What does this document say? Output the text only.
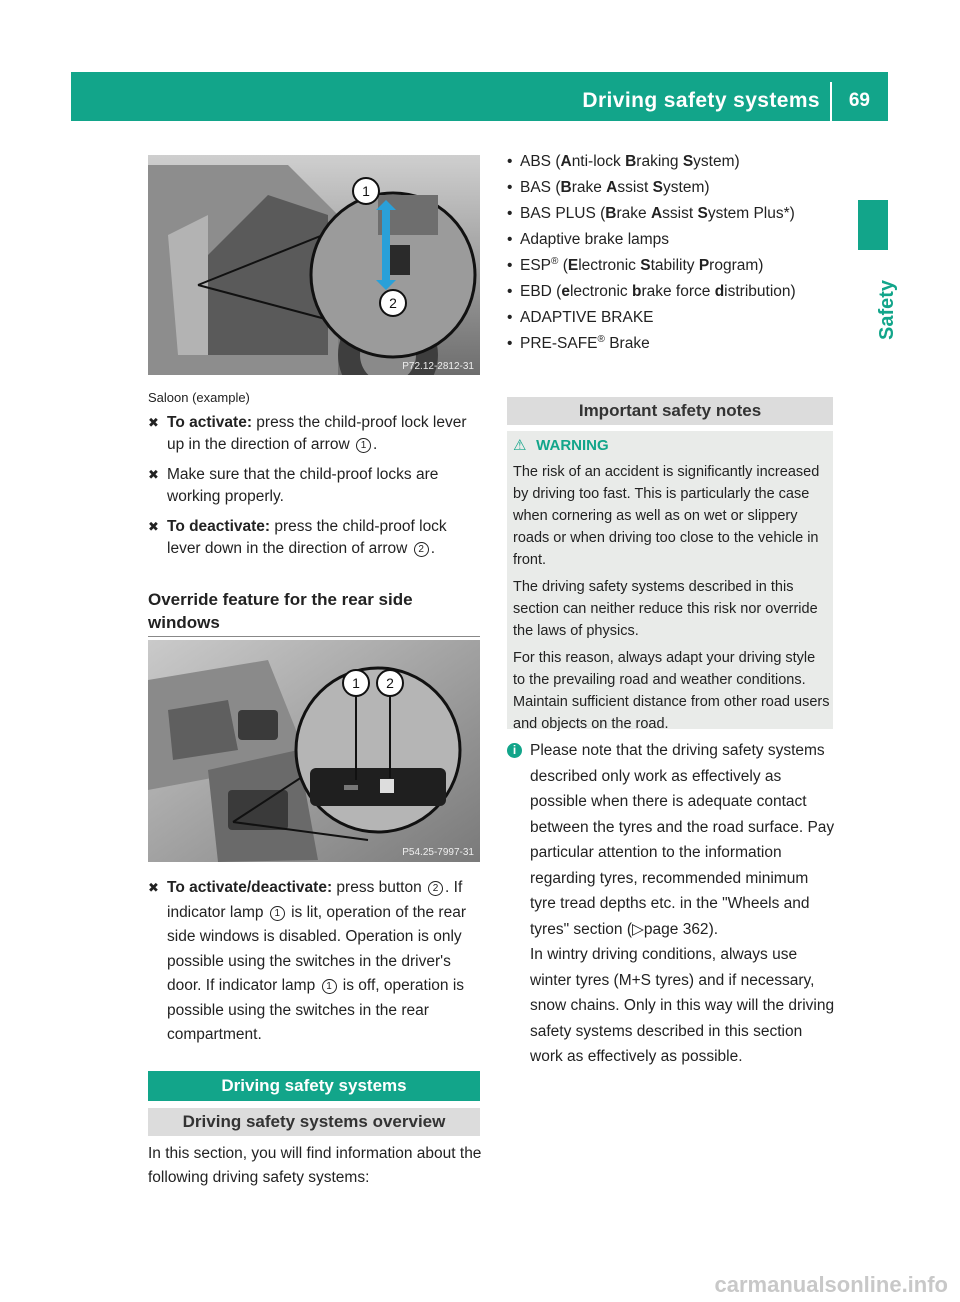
Driving safety systems 69
Safety
1
2
P72.12-2812-31
Saloon (example)
✖ To activate: press the child-proof lock lever up in the direction of arrow 1 .
✖ Make sure that the child-proof locks are working properly.
✖ To deactivate: press the child-proof lock lever down in the direction of arrow 2 .
Override feature for the rear side windows
1 2
P54.25-7997-31
✖ To activate/deactivate: press button 2 . If indicator lamp 1 is lit, operation of the rear side windows is disabled. Operation is only possible using the switches in the driver's door. If indicator lamp 1 is off, operation is possible using the switches in the rear compartment.
Driving safety systems
Driving safety systems overview
In this section, you will find information about the following driving safety systems:
• ABS (Anti-lock Braking System)
• BAS (Brake Assist System)
• BAS PLUS (Brake Assist System Plus*)
• Adaptive brake lamps
• ESP® (Electronic Stability Program)
• EBD (electronic brake force distribution)
• ADAPTIVE BRAKE
• PRE-SAFE® Brake
Important safety notes
⚠ WARNING

The risk of an accident is significantly increased by driving too fast. This is particularly the case when cornering as well as on wet or slippery roads or when driving too close to the vehicle in front.

The driving safety systems described in this section can neither reduce this risk nor override the laws of physics.

For this reason, always adapt your driving style to the prevailing road and weather conditions. Maintain sufficient distance from other road users and objects on the road.

i Please note that the driving safety systems described only work as effectively as possible when there is adequate contact between the tyres and the road surface. Pay particular attention to the information regarding tyres, recommended minimum tyre tread depths etc. in the "Wheels and tyres" section (▷page 362).

In wintry driving conditions, always use winter tyres (M+S tyres) and if necessary, snow chains. Only in this way will the driving safety systems described in this section work as effectively as possible.

carmanualsonline.info
